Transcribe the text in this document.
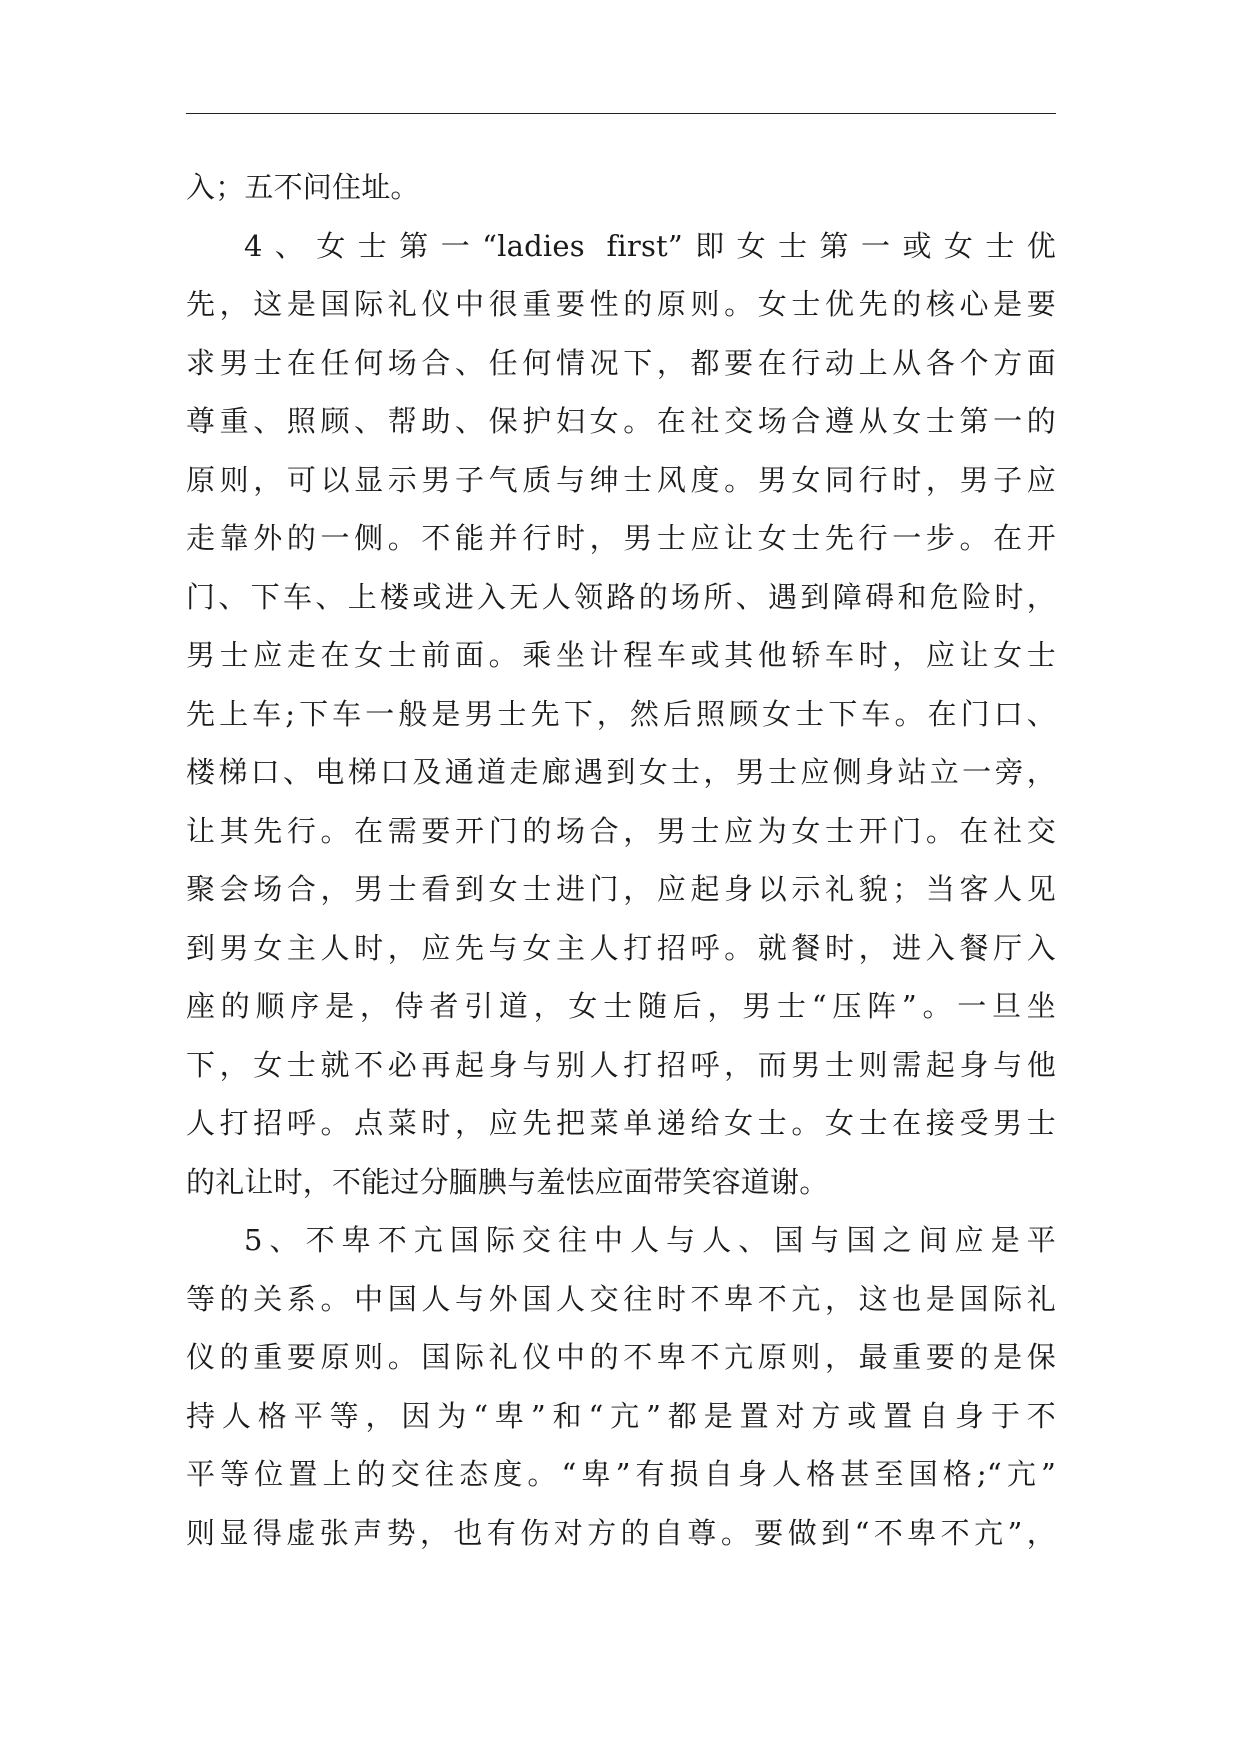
入；五不问住址。
4、女士第一“ladies first”即女士第一或女士优
先，这是国际礼仪中很重要性的原则。女士优先的核心是要
求男士在任何场合、任何情况下，都要在行动上从各个方面
尊重、照顾、帮助、保护妇女。在社交场合遵从女士第一的
原则，可以显示男子气质与绅士风度。男女同行时，男子应
走靠外的一侧。不能并行时，男士应让女士先行一步。在开
门、下车、上楼或进入无人领路的场所、遇到障碍和危险时，
男士应走在女士前面。乘坐计程车或其他轿车时，应让女士
先上车;下车一般是男士先下，然后照顾女士下车。在门口、
楼梯口、电梯口及通道走廊遇到女士，男士应侧身站立一旁，
让其先行。在需要开门的场合，男士应为女士开门。在社交
聚会场合，男士看到女士进门，应起身以示礼貌；当客人见
到男女主人时，应先与女主人打招呼。就餐时，进入餐厅入
座的顺序是，侍者引道，女士随后，男士“压阵”。一旦坐
下，女士就不必再起身与别人打招呼，而男士则需起身与他
人打招呼。点菜时，应先把菜单递给女士。女士在接受男士
的礼让时，不能过分腼腆与羞怯应面带笑容道谢。
5、不卑不亢国际交往中人与人、国与国之间应是平
等的关系。中国人与外国人交往时不卑不亢，这也是国际礼
仪的重要原则。国际礼仪中的不卑不亢原则，最重要的是保
持人格平等，因为“卑”和“亢”都是置对方或置自身于不
平等位置上的交往态度。“卑”有损自身人格甚至国格;“亢”
则显得虚张声势，也有伤对方的自尊。要做到“不卑不亢”，
